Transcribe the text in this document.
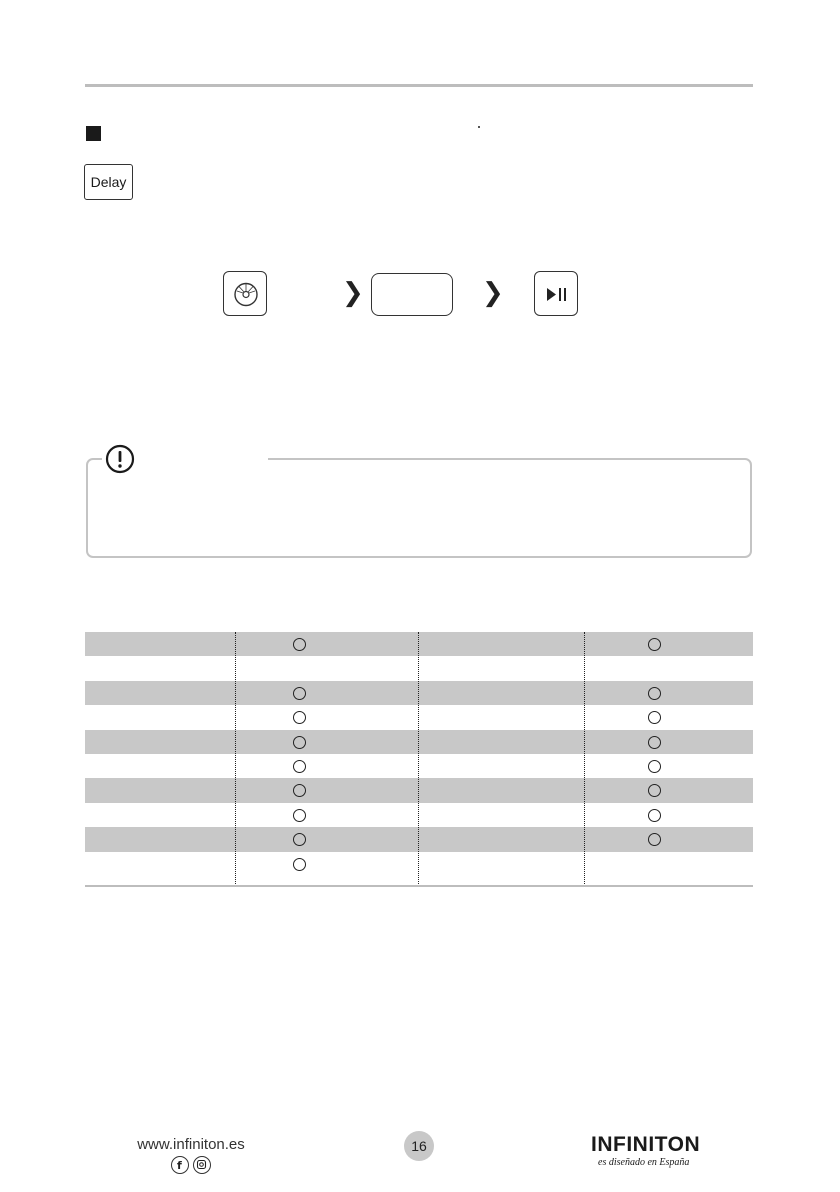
Delay
❯	❯
www.infiniton.es
f
16	INFINITON
es diseñado en España
